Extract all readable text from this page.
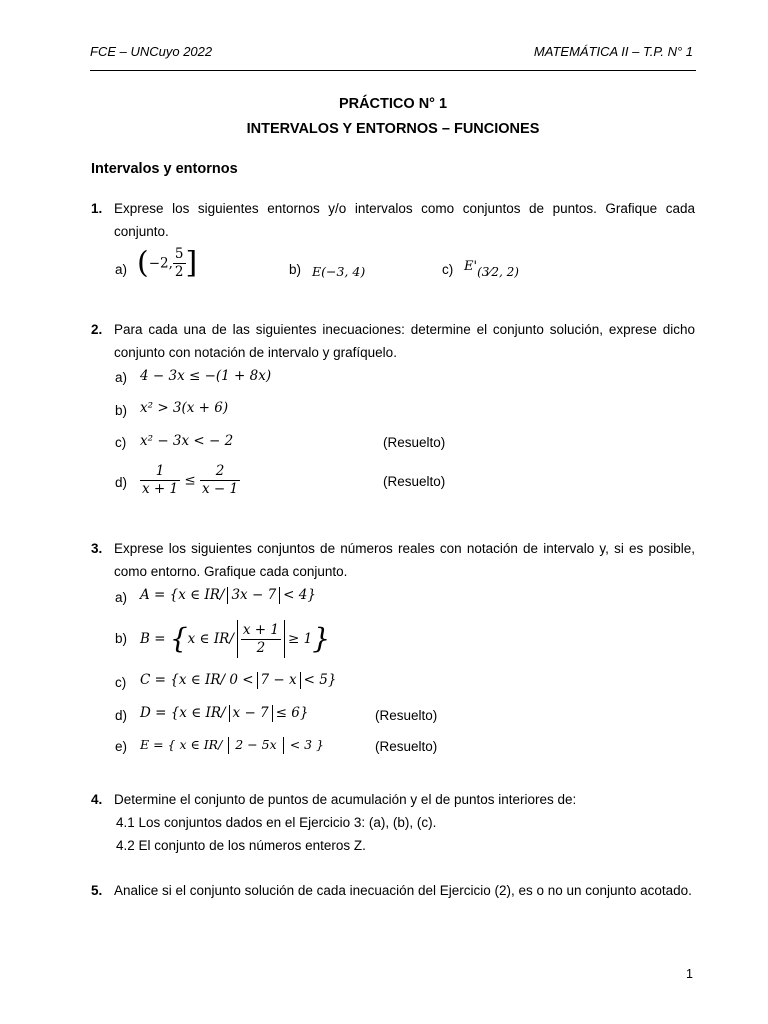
FCE – UNCuyo 2022	MATEMÁTICA II – T.P. N° 1
PRÁCTICO N° 1
INTERVALOS Y ENTORNOS – FUNCIONES
Intervalos y entornos
1. Exprese los siguientes entornos y/o intervalos como conjuntos de puntos. Grafique cada conjunto.
a) (−2, $\frac{5}{2}$ ]	b) E(−3, 4)	c) E'(3⁄2, 2)
2. Para cada una de las siguientes inecuaciones: determine el conjunto solución, exprese dicho conjunto con notación de intervalo y grafíquelo.
a) 4 − 3x ≤ −(1 + 8x)
b) x² > 3(x + 6)
c) x² − 3x < − 2	(Resuelto)
$d) \frac{1}{x + 1} \le \frac{2}{x - 1}$	(Resuelto)
3. Exprese los siguientes conjuntos de números reales con notación de intervalo y, si es posible, como entorno. Grafique cada conjunto.
a) A = {x ∈ IR/ 3x − 7 < 4}
b) B = {x ∈ $IR/ \frac{x + 1}{2} \ge 1$}
c) C = {x ∈ IR/ 0 < 7 − x < 5}
d) D = {x ∈ IR/ x − 7 ≤ 6}	(Resuelto)
e) E = { x ∈ IR/ 2 − 5x < 3 }	(Resuelto)
4. Determine el conjunto de puntos de acumulación y el de puntos interiores de:
4.1 Los conjuntos dados en el Ejercicio 3: (a), (b), (c).
4.2 El conjunto de los números enteros Z.
5. Analice si el conjunto solución de cada inecuación del Ejercicio (2), es o no un conjunto acotado.
1
